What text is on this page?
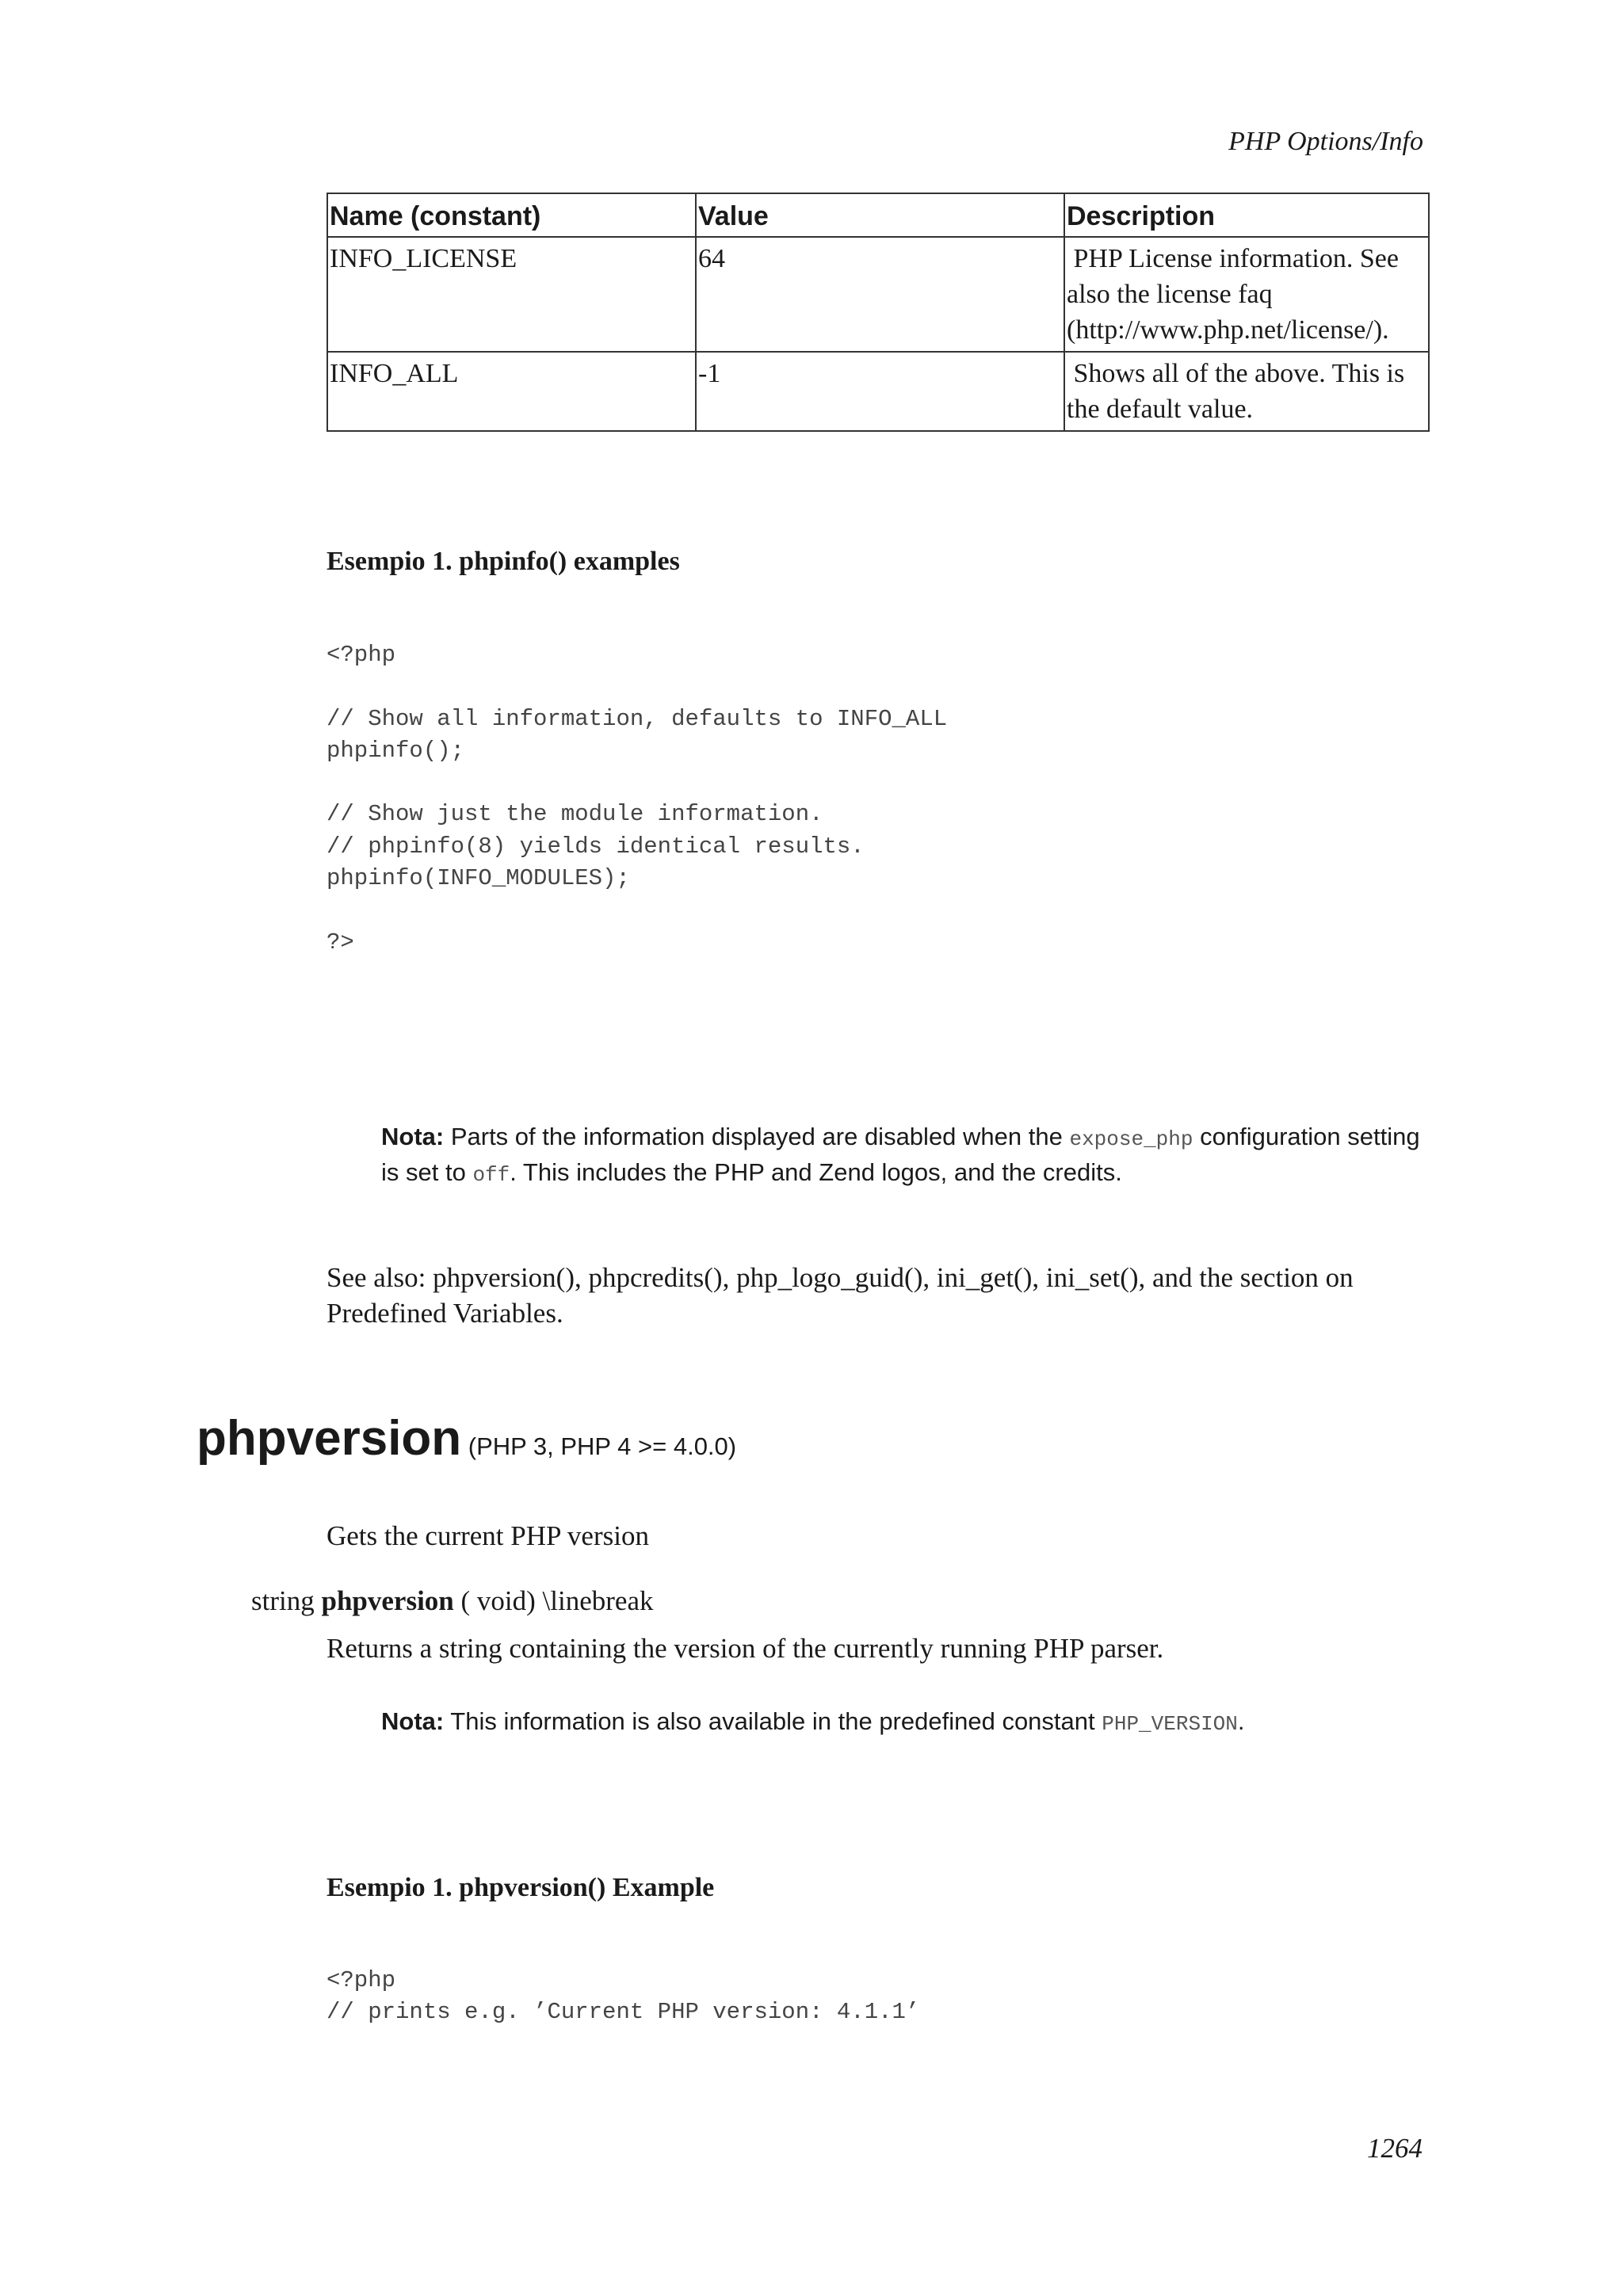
PHP Options/Info
Name (constant)	Value	Description
INFO_LICENSE	64	PHP License information. See
also the license faq
(http://www.php.net/license/).
INFO_ALL	-1	Shows all of the above. This is
the default value.
Esempio 1. phpinfo() examples
<?php

// Show all information, defaults to INFO_ALL
phpinfo();

// Show just the module information.
// phpinfo(8) yields identical results.
phpinfo(INFO_MODULES);

?>
Nota: Parts of the information displayed are disabled when the expose_php configuration setting is set to off. This includes the PHP and Zend logos, and the credits.
See also: phpversion(), phpcredits(), php_logo_guid(), ini_get(), ini_set(), and the section on Predefined Variables.
phpversion (PHP 3, PHP 4 >= 4.0.0)
Gets the current PHP version
string phpversion ( void) \linebreak
Returns a string containing the version of the currently running PHP parser.
Nota: This information is also available in the predefined constant PHP_VERSION.
Esempio 1. phpversion() Example
<?php
// prints e.g. ’Current PHP version: 4.1.1’
1264
